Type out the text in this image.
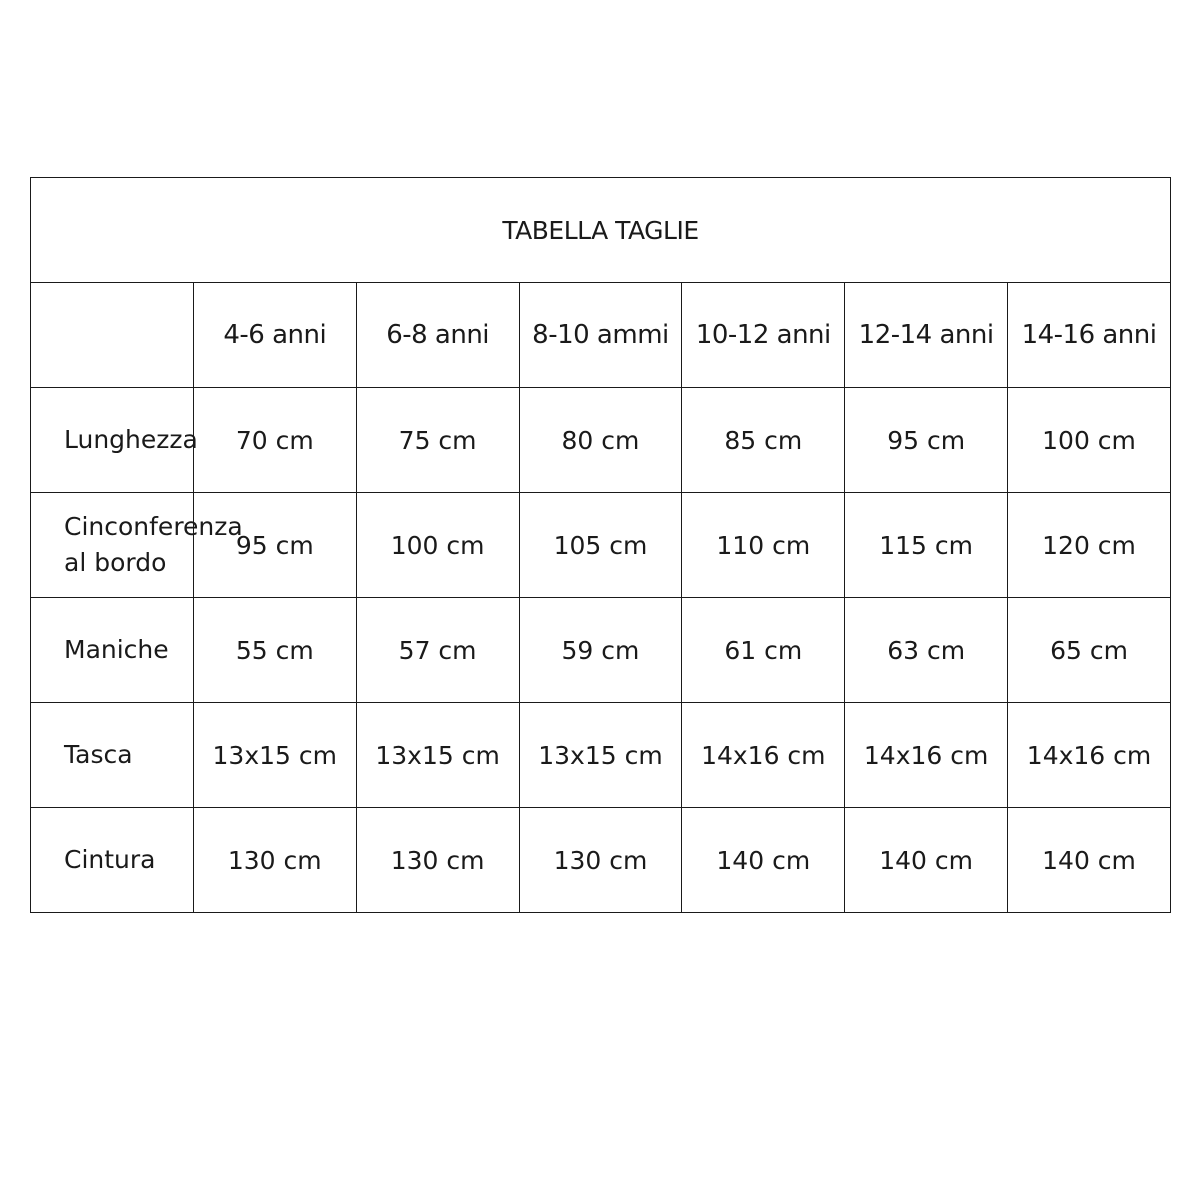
TABELLA TAGLIE						
	4-6 anni	6-8 anni	8-10 ammi	10-12 anni	12-14 anni	14-16 anni
Lunghezza	70 cm	75 cm	80 cm	85 cm	95 cm	100 cm
Cinconferenza
al bordo	95 cm	100 cm	105 cm	110 cm	115 cm	120 cm
Maniche	55 cm	57 cm	59 cm	61 cm	63 cm	65 cm
Tasca	13x15 cm	13x15 cm	13x15 cm	14x16 cm	14x16 cm	14x16 cm
Cintura	130 cm	130 cm	130 cm	140 cm	140 cm	140 cm
